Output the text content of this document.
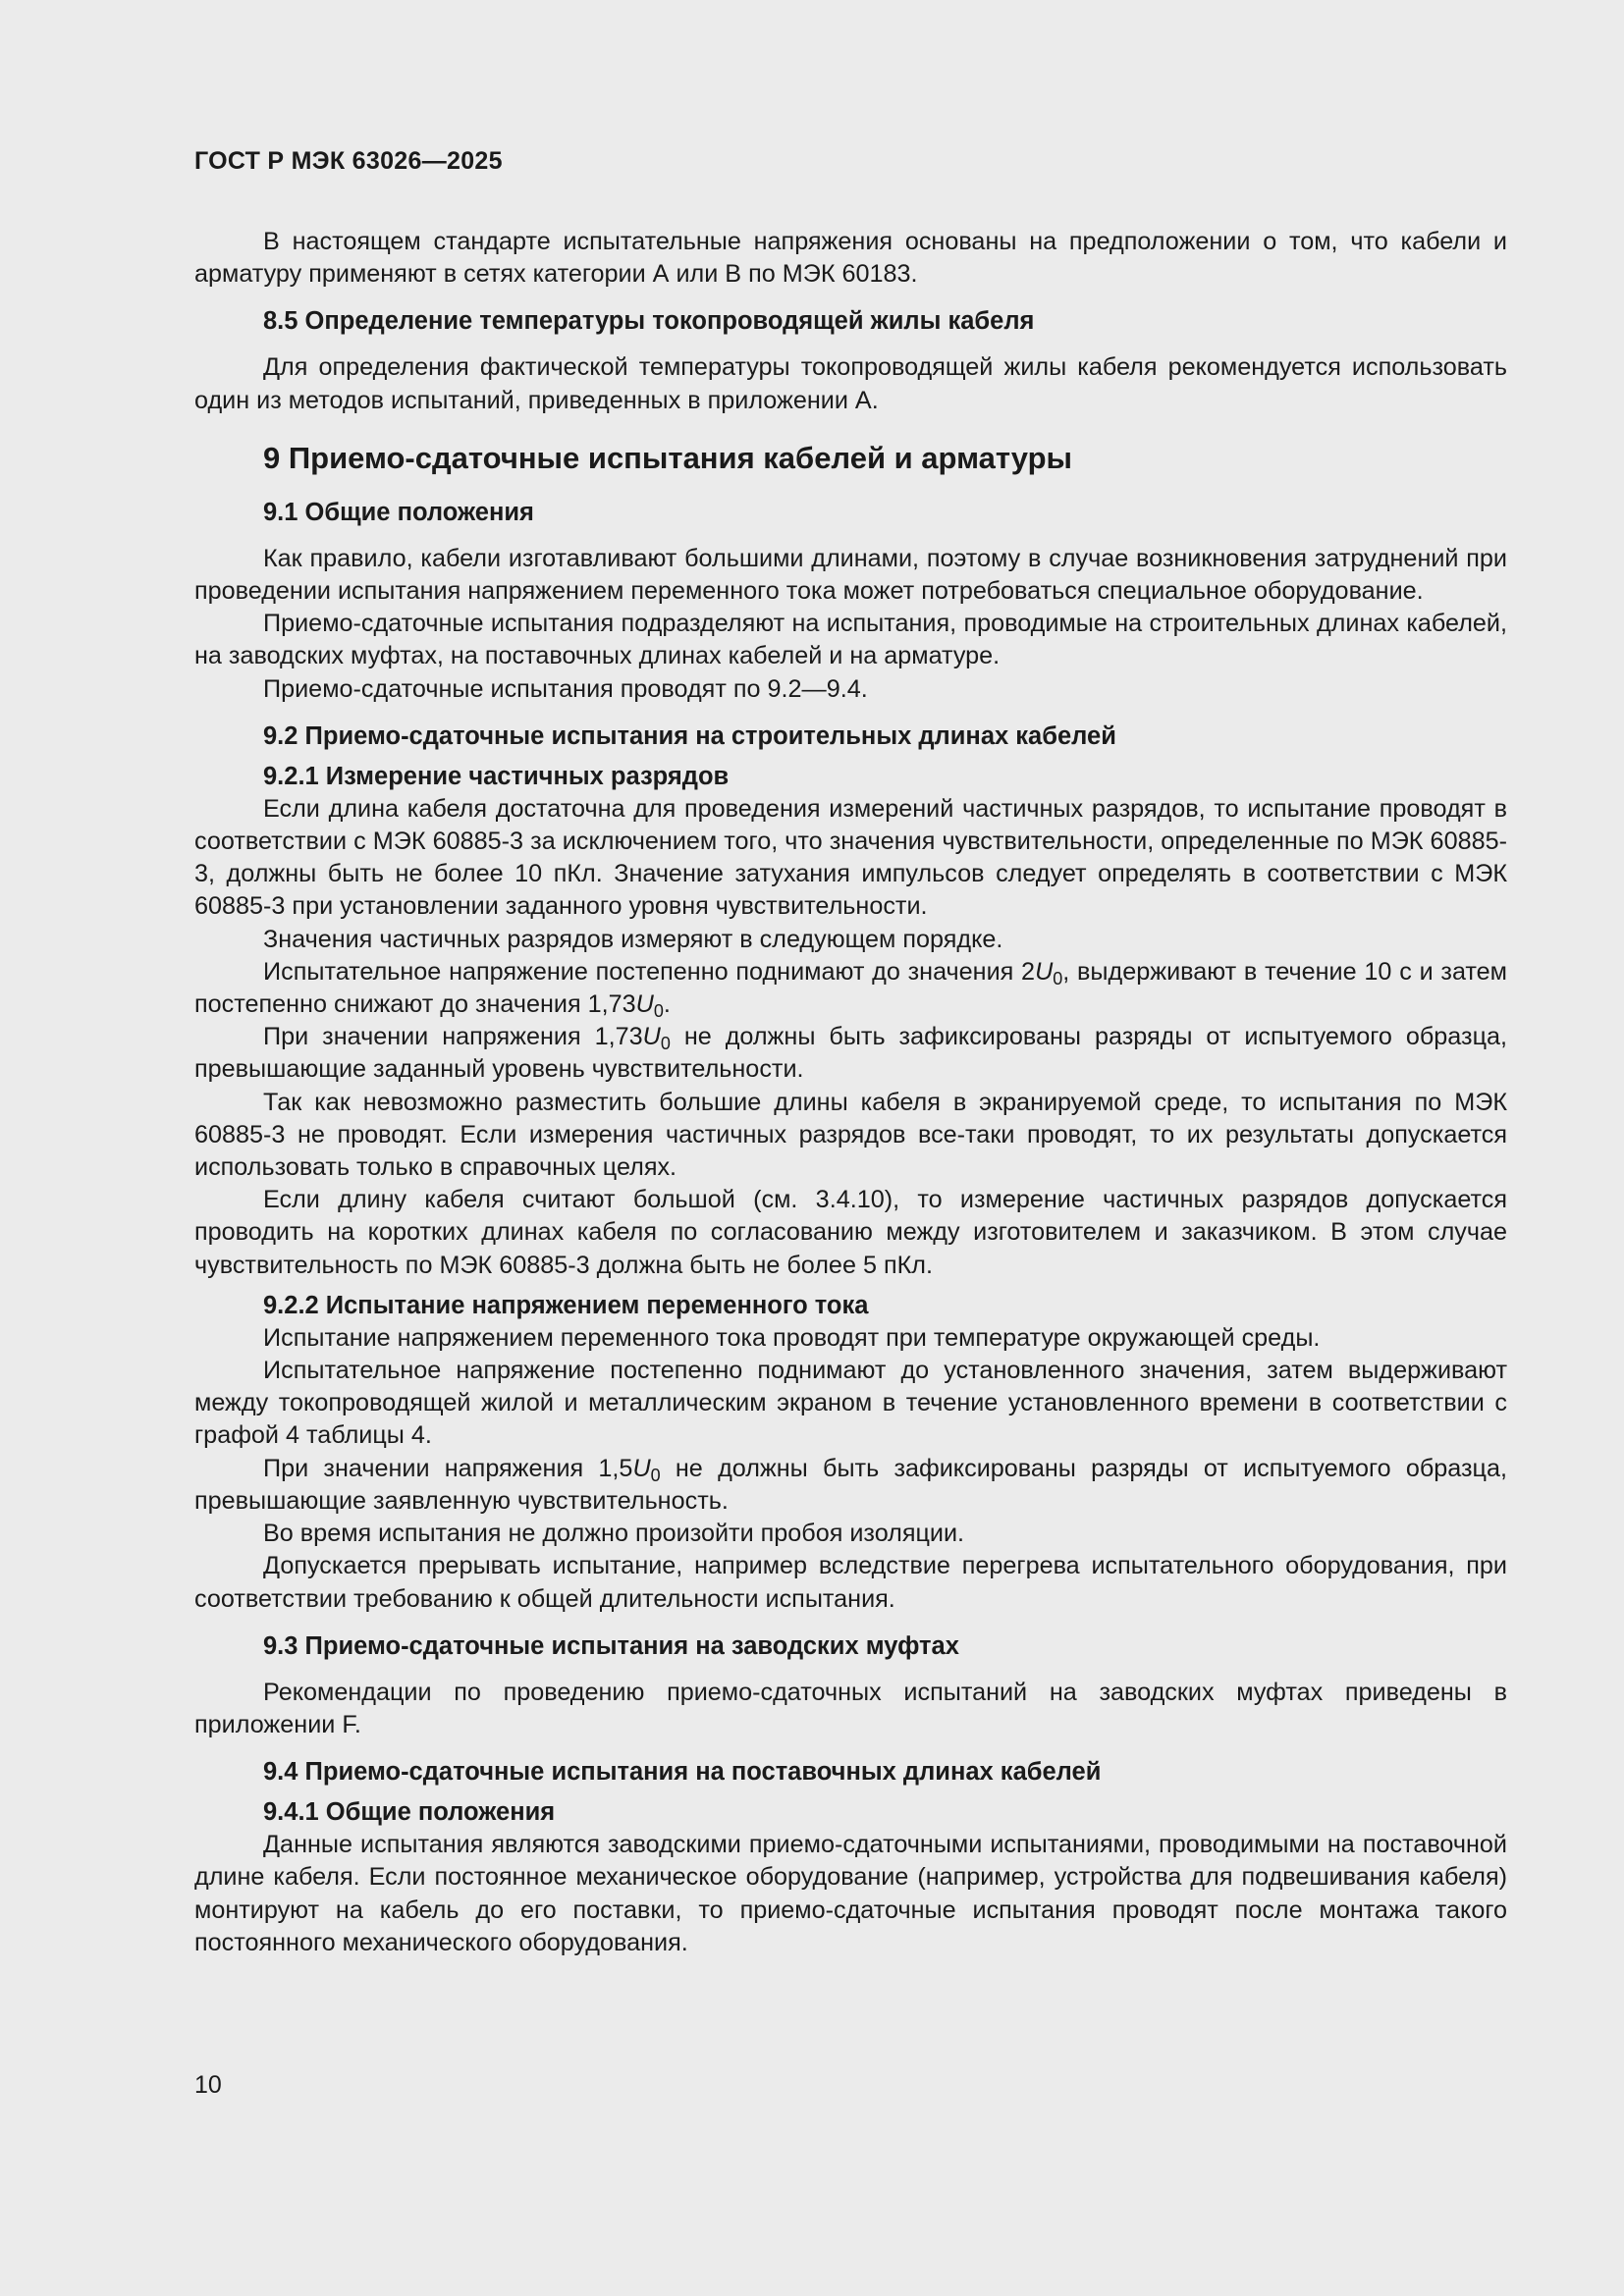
ГОСТ Р МЭК 63026—2025

В настоящем стандарте испытательные напряжения основаны на предположении о том, что кабели и арматуру применяют в сетях категории А или В по МЭК 60183.

8.5 Определение температуры токопроводящей жилы кабеля

Для определения фактической температуры токопроводящей жилы кабеля рекомендуется использовать один из методов испытаний, приведенных в приложении А.

9 Приемо-сдаточные испытания кабелей и арматуры
9.1 Общие положения

Как правило, кабели изготавливают большими длинами, поэтому в случае возникновения затруднений при проведении испытания напряжением переменного тока может потребоваться специальное оборудование.

Приемо-сдаточные испытания подразделяют на испытания, проводимые на строительных длинах кабелей, на заводских муфтах, на поставочных длинах кабелей и на арматуре.

Приемо-сдаточные испытания проводят по 9.2—9.4.

9.2 Приемо-сдаточные испытания на строительных длинах кабелей
9.2.1 Измерение частичных разрядов

Если длина кабеля достаточна для проведения измерений частичных разрядов, то испытание проводят в соответствии с МЭК 60885-3 за исключением того, что значения чувствительности, определенные по МЭК 60885-3, должны быть не более 10 пКл. Значение затухания импульсов следует определять в соответствии с МЭК 60885-3 при установлении заданного уровня чувствительности.

Значения частичных разрядов измеряют в следующем порядке.

Испытательное напряжение постепенно поднимают до значения $2U_0$, выдерживают в течение 10 с и затем постепенно снижают до значения $1,73U_0$.

При значении напряжения $1,73U_0$ не должны быть зафиксированы разряды от испытуемого образца, превышающие заданный уровень чувствительности.

Так как невозможно разместить большие длины кабеля в экранируемой среде, то испытания по МЭК 60885-3 не проводят. Если измерения частичных разрядов все-таки проводят, то их результаты допускается использовать только в справочных целях.

Если длину кабеля считают большой (см. 3.4.10), то измерение частичных разрядов допускается проводить на коротких длинах кабеля по согласованию между изготовителем и заказчиком. В этом случае чувствительность по МЭК 60885-3 должна быть не более 5 пКл.

9.2.2 Испытание напряжением переменного тока

Испытание напряжением переменного тока проводят при температуре окружающей среды.

Испытательное напряжение постепенно поднимают до установленного значения, затем выдерживают между токопроводящей жилой и металлическим экраном в течение установленного времени в соответствии с графой 4 таблицы 4.

При значении напряжения $1,5U_0$ не должны быть зафиксированы разряды от испытуемого образца, превышающие заявленную чувствительность.

Во время испытания не должно произойти пробоя изоляции.

Допускается прерывать испытание, например вследствие перегрева испытательного оборудования, при соответствии требованию к общей длительности испытания.

9.3 Приемо-сдаточные испытания на заводских муфтах

Рекомендации по проведению приемо-сдаточных испытаний на заводских муфтах приведены в приложении F.

9.4 Приемо-сдаточные испытания на поставочных длинах кабелей
9.4.1 Общие положения

Данные испытания являются заводскими приемо-сдаточными испытаниями, проводимыми на поставочной длине кабеля. Если постоянное механическое оборудование (например, устройства для подвешивания кабеля) монтируют на кабель до его поставки, то приемо-сдаточные испытания проводят после монтажа такого постоянного механического оборудования.

10
